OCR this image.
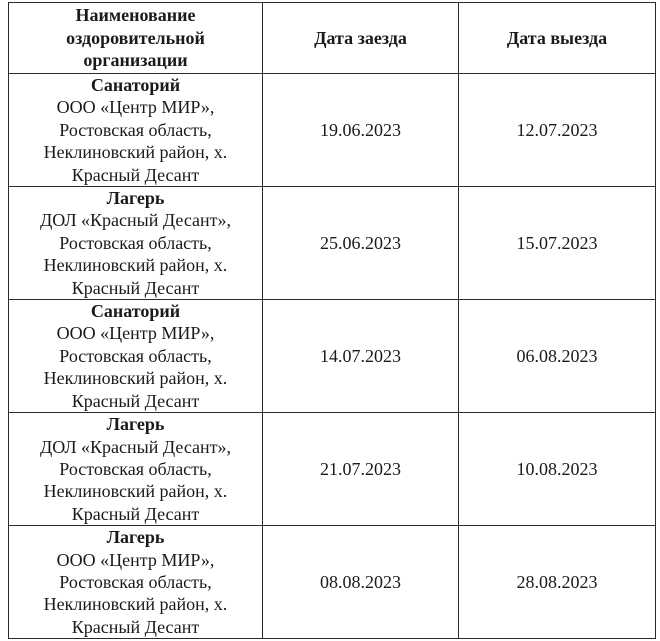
Наименование
оздоровительной
организации	Дата заезда	Дата выезда

Санаторий
ООО «Центр МИР»,
Ростовская область,
Неклиновский район, х.
Красный Десант	19.06.2023	12.07.2023

Лагерь
ДОЛ «Красный Десант»,
Ростовская область,
Неклиновский район, х.
Красный Десант	25.06.2023	15.07.2023

Санаторий
ООО «Центр МИР»,
Ростовская область,
Неклиновский район, х.
Красный Десант	14.07.2023	06.08.2023

Лагерь
ДОЛ «Красный Десант»,
Ростовская область,
Неклиновский район, х.
Красный Десант	21.07.2023	10.08.2023

Лагерь
ООО «Центр МИР»,
Ростовская область,
Неклиновский район, х.
Красный Десант	08.08.2023	28.08.2023
